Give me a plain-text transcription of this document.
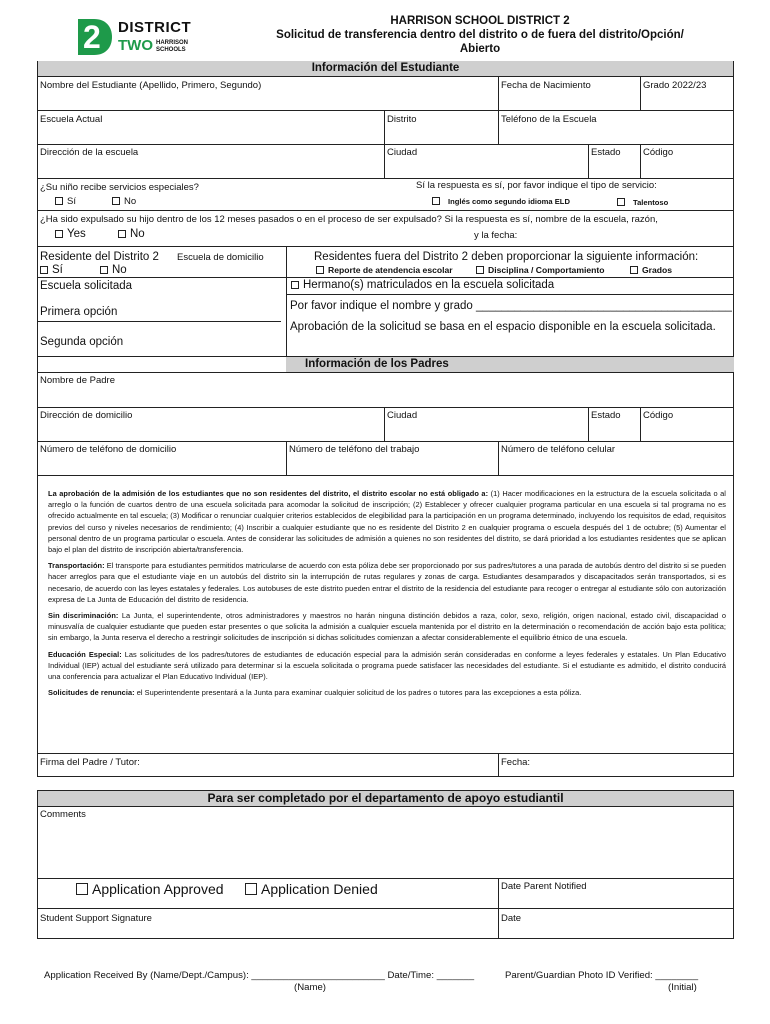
2 DISTRICT
TWO HARRISON
SCHOOLS
HARRISON SCHOOL DISTRICT 2
Solicitud de transferencia dentro del distrito o de fuera del distrito/Opción/
Abierto
Información del Estudiante
Nombre del Estudiante (Apellido, Primero, Segundo)	Fecha de Nacimiento	Grado 2022/23
Escuela Actual	Distrito	Teléfono de la Escuela
Dirección de la escuela	Ciudad	Estado Código
¿Su niño recibe servicios especiales?	Sí la respuesta es sí, por favor indique el tipo de servicio:
Sí	No	Inglés como segundo idioma ELD	Talentoso
¿Ha sido expulsado su hijo dentro de los 12 meses pasados o en el proceso de ser expulsado? Si la respuesta es sí, nombre de la escuela, razón,
Yes	No	y la fecha:
Residente del Distrito 2 Escuela de domicilio
Sí	No
Residentes fuera del Distrito 2 deben proporcionar la siguiente información:
Reporte de atendencia escolar	Disciplina / Comportamiento	Grados
Escuela solicitada	Hermano(s) matriculados en la escuela solicitada
Primera opción	Por favor indique el nombre y grado ________________________________________
Aprobación de la solicitud se basa en el espacio disponible en la escuela solicitada.
Segunda opción
Información de los Padres
Nombre de Padre
Dirección de domicilio	Ciudad	Estado Código
Número de teléfono de domicilio	Número de teléfono del trabajo	Número de teléfono celular

La aprobación de la admisión de los estudiantes que no son residentes del distrito, el distrito escolar no está obligado a: (1) Hacer modificaciones en la estructura de la escuela solicitada o al arreglo o la función de cuartos dentro de una escuela solicitada para acomodar la solicitud de inscripción; (2) Establecer y ofrecer cualquier programa particular en una escuela si tal programa no es ofrecido actualmente en tal escuela; (3) Modificar o renunciar cualquier criterios establecidos de elegibilidad para la participación en un programa determinado, incluyendo los requisitos de edad, requisitos previos del curso y niveles necesarios de rendimiento; (4) Inscribir a cualquier estudiante que no es residente del Distrito 2 en cualquier programa o escuela después del 1 de octubre; (5) Aumentar el personal dentro de un programa particular o escuela. Antes de considerar las solicitudes de admisión a quienes no son residentes del distrito, se dará prioridad a los estudiantes residentes que se aplican bajo el plan del distrito de inscripción abierta/transferencia.

Transportación: El transporte para estudiantes permitidos matricularse de acuerdo con esta póliza debe ser proporcionado por sus padres/tutores a una parada de autobús dentro del distrito si se pueden hacer arreglos para que el estudiante viaje en un autobús del distrito sin la interrupción de rutas regulares y zonas de carga. Estudiantes desamparados y discapacitados serán transportados, si es necesario, de acuerdo con las leyes estatales y federales. Los autobuses de este distrito pueden entrar el distrito de la residencia del estudiante para recoger o entregar al estudiante sólo con autorización expresa de La Junta de Educación del distrito de residencia.

Sin discriminación: La Junta, el superintendente, otros administradores y maestros no harán ninguna distinción debidos a raza, color, sexo, religión, origen nacional, estado civil, discapacidad o minusvalía de cualquier estudiante que pueden estar presentes o que solicita la admisión a cualquier escuela mantenida por el distrito en la determinación o recomendación de acción bajo esta política; sin embargo, la Junta reserva el derecho a restringir solicitudes de inscripción si dichas solicitudes comienzan a afectar considerablemente el equilibrio étnico de una escuela.

Educación Especial: Las solicitudes de los padres/tutores de estudiantes de educación especial para la admisión serán consideradas en conforme a leyes federales y estatales. Un Plan Educativo Individual (IEP) actual del estudiante será utilizado para determinar si la escuela solicitada o programa puede satisfacer las necesidades del estudiante. Si el estudiante es admitido, el distrito conducirá una conferencia para actualizar el Plan Educativo Individual (IEP).

Solicitudes de renuncia: el Superintendente presentará a la Junta para examinar cualquier solicitud de los padres o tutores para las excepciones a esta póliza.

Firma del Padre / Tutor:	Fecha:
Para ser completado por el departamento de apoyo estudiantil
Comments
Application Approved	Application Denied	Date Parent Notified
Student Support Signature	Date
Application Received By (Name/Dept./Campus): _________________________ Date/Time: _______	Parent/Guardian Photo ID Verified: ________
(Name)	(Initial)
